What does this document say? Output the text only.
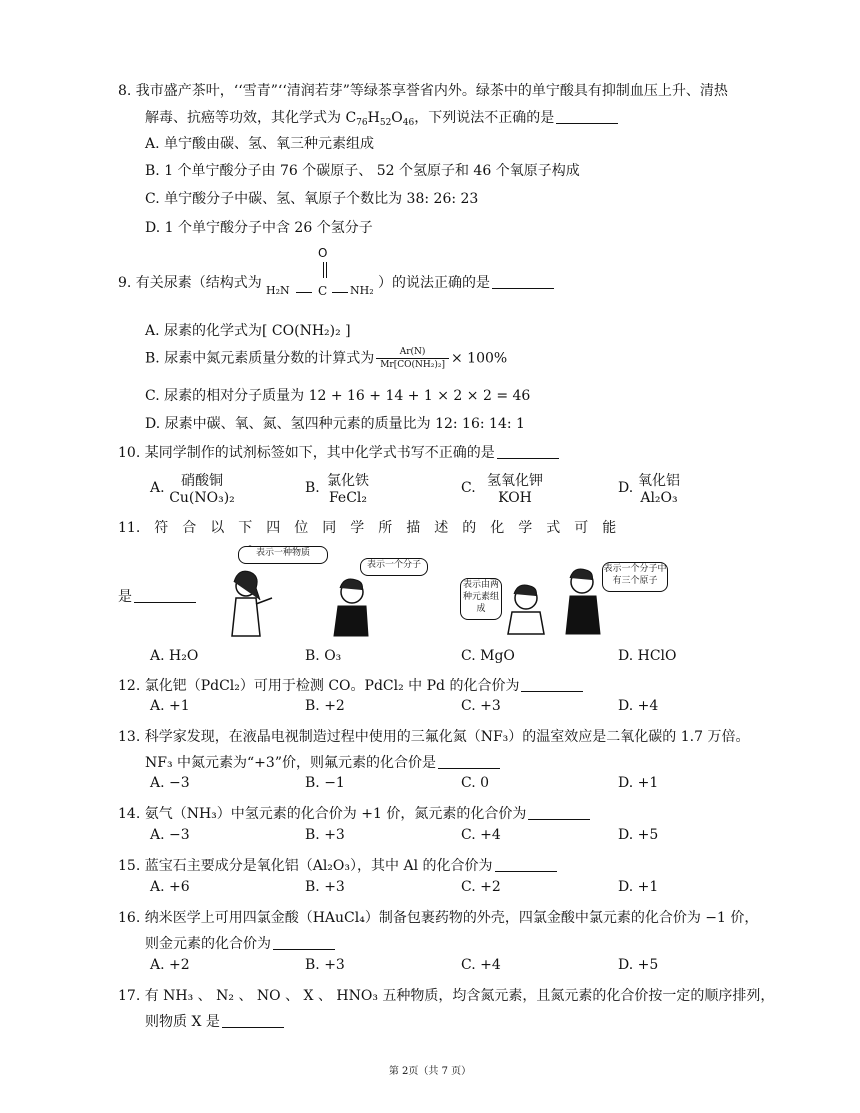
8. 我市盛产茶叶，‘‘雪青”‘‘清润若芽”等绿茶享誉省内外。绿茶中的单宁酸具有抑制血压上升、清热
解毒、抗癌等功效，其化学式为 $C_{76}H_{52}O_{46}$，下列说法不正确的是
A. 单宁酸由碳、氢、氧三种元素组成
B. 1 个单宁酸分子由 76 个碳原子、 52 个氢原子和 46 个氧原子构成
C. 单宁酸分子中碳、氢、氧原子个数比为 38: 26: 23
D. 1 个单宁酸分子中含 26 个氢分子
9. 有关尿素（结构式为
O
H₂N C NH₂ ）的说法正确的是
A. 尿素的化学式为[ CO(NH₂)₂ ]
B. 尿素中氮元素质量分数的计算式为 $\frac{Ar(N)}{\text{Mr[CO(NH₂)₂]}} \times 100\%$
C. 尿素的相对分子质量为 12 + 16 + 14 + 1 × 2 × 2 = 46
D. 尿素中碳、氧、氮、氢四种元素的质量比为 12: 16: 14: 1
10. 某同学制作的试剂标签如下，其中化学式书写不正确的是
A.	硝酸铜
Cu(NO₃)₂
B. 氯化铁
FeCl₂
C. 氢氧化钾
KOH
D. 氧化铝
Al₂O₃
11.　符　合　以　下　四　位　同　学　所　描　述　的　化　学　式　可　能
是
表示一种物质
表示一个分子
表示由两种元素组成
表示一个分子中有三个原子
A. H₂O	B. O₃	C. MgO	D. HClO
12. 氯化钯（PdCl₂）可用于检测 CO。PdCl₂ 中 Pd 的化合价为
A. +1	B. +2	C. +3	D. +4
13. 科学家发现，在液晶电视制造过程中使用的三氟化氮（NF₃）的温室效应是二氧化碳的 1.7 万倍。
NF₃ 中氮元素为“+3”价，则氟元素的化合价是
A. −3	B. −1	C. 0	D. +1
14. 氨气（NH₃）中氢元素的化合价为 +1 价，氮元素的化合价为
A. −3	B. +3	C. +4	D. +5
15. 蓝宝石主要成分是氧化铝（Al₂O₃），其中 Al 的化合价为
A. +6	B. +3	C. +2	D. +1
16. 纳米医学上可用四氯金酸（HAuCl₄）制备包裹药物的外壳，四氯金酸中氯元素的化合价为 −1 价，
则金元素的化合价为
A. +2	B. +3	C. +4	D. +5
17. 有 NH₃ 、 N₂ 、 NO 、 X 、 HNO₃ 五种物质，均含氮元素，且氮元素的化合价按一定的顺序排列，
则物质 X 是
第 2页（共 7 页）
